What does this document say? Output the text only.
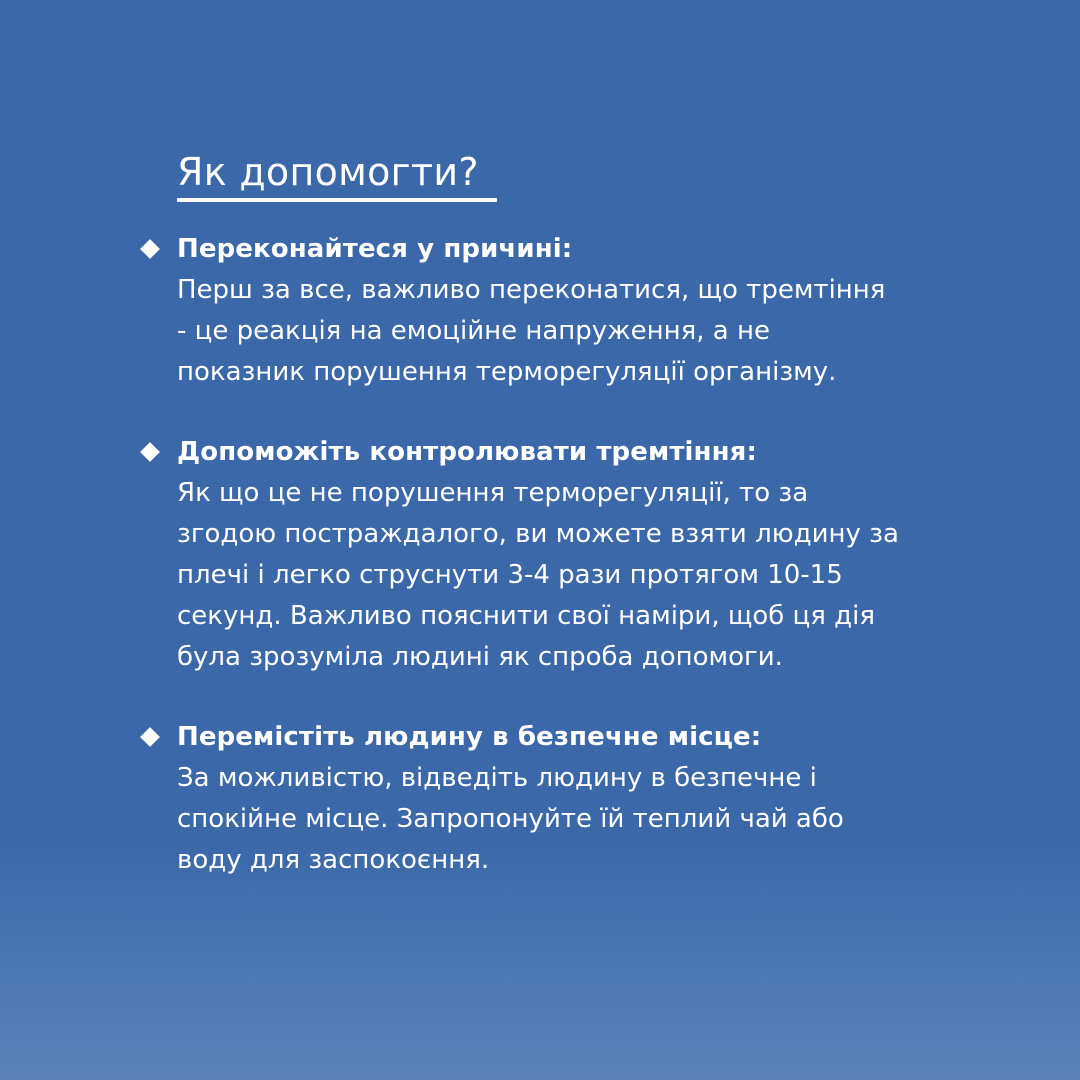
Як допомогти?
Переконайтеся у причині:
Перш за все, важливо переконатися, що тремтіння
- це реакція на емоційне напруження, а не
показник порушення терморегуляції організму.
Допоможіть контролювати тремтіння:
Як що це не порушення терморегуляції, то за
згодою постраждалого, ви можете взяти людину за
плечі і легко струснути 3-4 рази протягом 10-15
секунд. Важливо пояснити свої наміри, щоб ця дія
була зрозуміла людині як спроба допомоги.
Перемістіть людину в безпечне місце:
За можливістю, відведіть людину в безпечне і
спокійне місце. Запропонуйте їй теплий чай або
воду для заспокоєння.
